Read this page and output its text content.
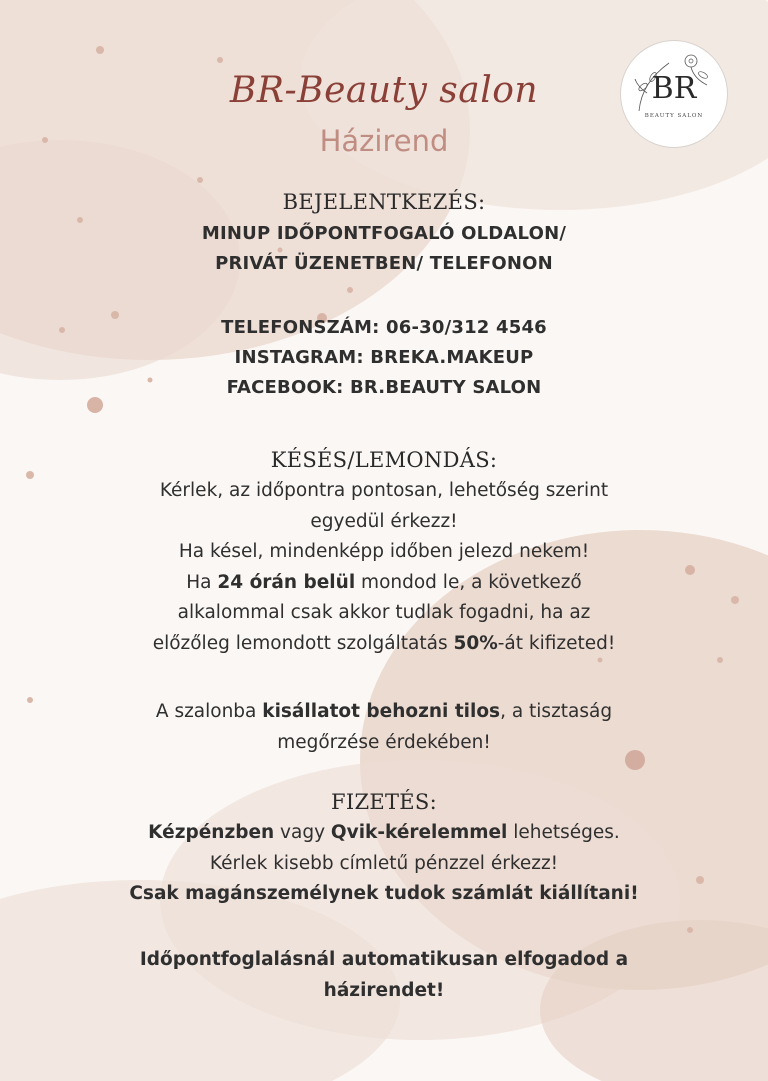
BR-Beauty salon
Házirend
BR
BEAUTY SALON
BEJELENTKEZÉS:
MINUP IDŐPONTFOGALÓ OLDALON/
PRIVÁT ÜZENETBEN/ TELEFONON
TELEFONSZÁM: 06-30/312 4546
INSTAGRAM: BREKA.MAKEUP
FACEBOOK: BR.BEAUTY SALON
KÉSÉS/LEMONDÁS:
Kérlek, az időpontra pontosan, lehetőség szerint
egyedül érkezz!
Ha késel, mindenképp időben jelezd nekem!
Ha 24 órán belül mondod le, a következő
alkalommal csak akkor tudlak fogadni, ha az
előzőleg lemondott szolgáltatás 50%-át kifizeted!
A szalonba kisállatot behozni tilos, a tisztaság
megőrzése érdekében!
FIZETÉS:
Kézpénzben vagy Qvik-kérelemmel lehetséges.
Kérlek kisebb címletű pénzzel érkezz!
Csak magánszemélynek tudok számlát kiállítani!
Időpontfoglalásnál automatikusan elfogadod a
házirendet!
